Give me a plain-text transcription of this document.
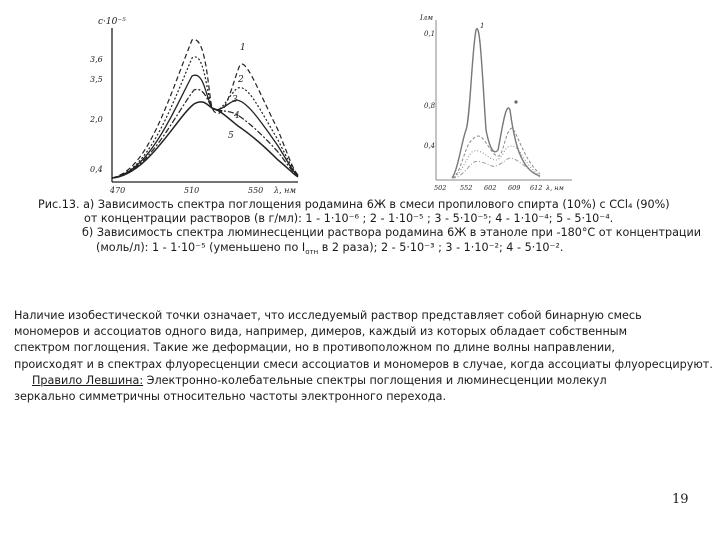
c·10⁻⁵
3,6
3,5
2,0
0,4
470	510	550 λ, нм
1
2
3
4
5
Iлм
0,1
0,8
0,4
502 552 602 609 612 λ, нм
1

Рис.13. а) Зависимость спектра поглощения родамина 6Ж в смеси пропилового спирта (10%) с CCl₄ (90%)

от концентрации растворов (в г/мл): 1 - 1·10⁻⁶ ; 2 - 1·10⁻⁵ ; 3 - 5·10⁻⁵; 4 - 1·10⁻⁴; 5 - 5·10⁻⁴.

б) Зависимость спектра люминесценции раствора родамина 6Ж в этаноле при -180°С от концентрации

(моль/л): 1 - 1·10⁻⁵ (уменьшено по $I_{отн}$ в 2 раза); 2 - 5·10⁻³ ; 3 - 1·10⁻²; 4 - 5·10⁻².

Наличие изобестической точки означает, что исследуемый раствор представляет собой бинарную смесь

мономеров и ассоциатов одного вида, например, димеров, каждый из которых обладает собственным

спектром поглощения. Такие же деформации, но в противоположном по длине волны направлении,

происходят и в спектрах флуоресценции смеси ассоциатов и мономеров в случае, когда ассоциаты флуоресцируют.

Правило Левшина: Электронно-колебательные спектры поглощения и люминесценции молекул

зеркально симметричны относительно частоты электронного перехода.

19
